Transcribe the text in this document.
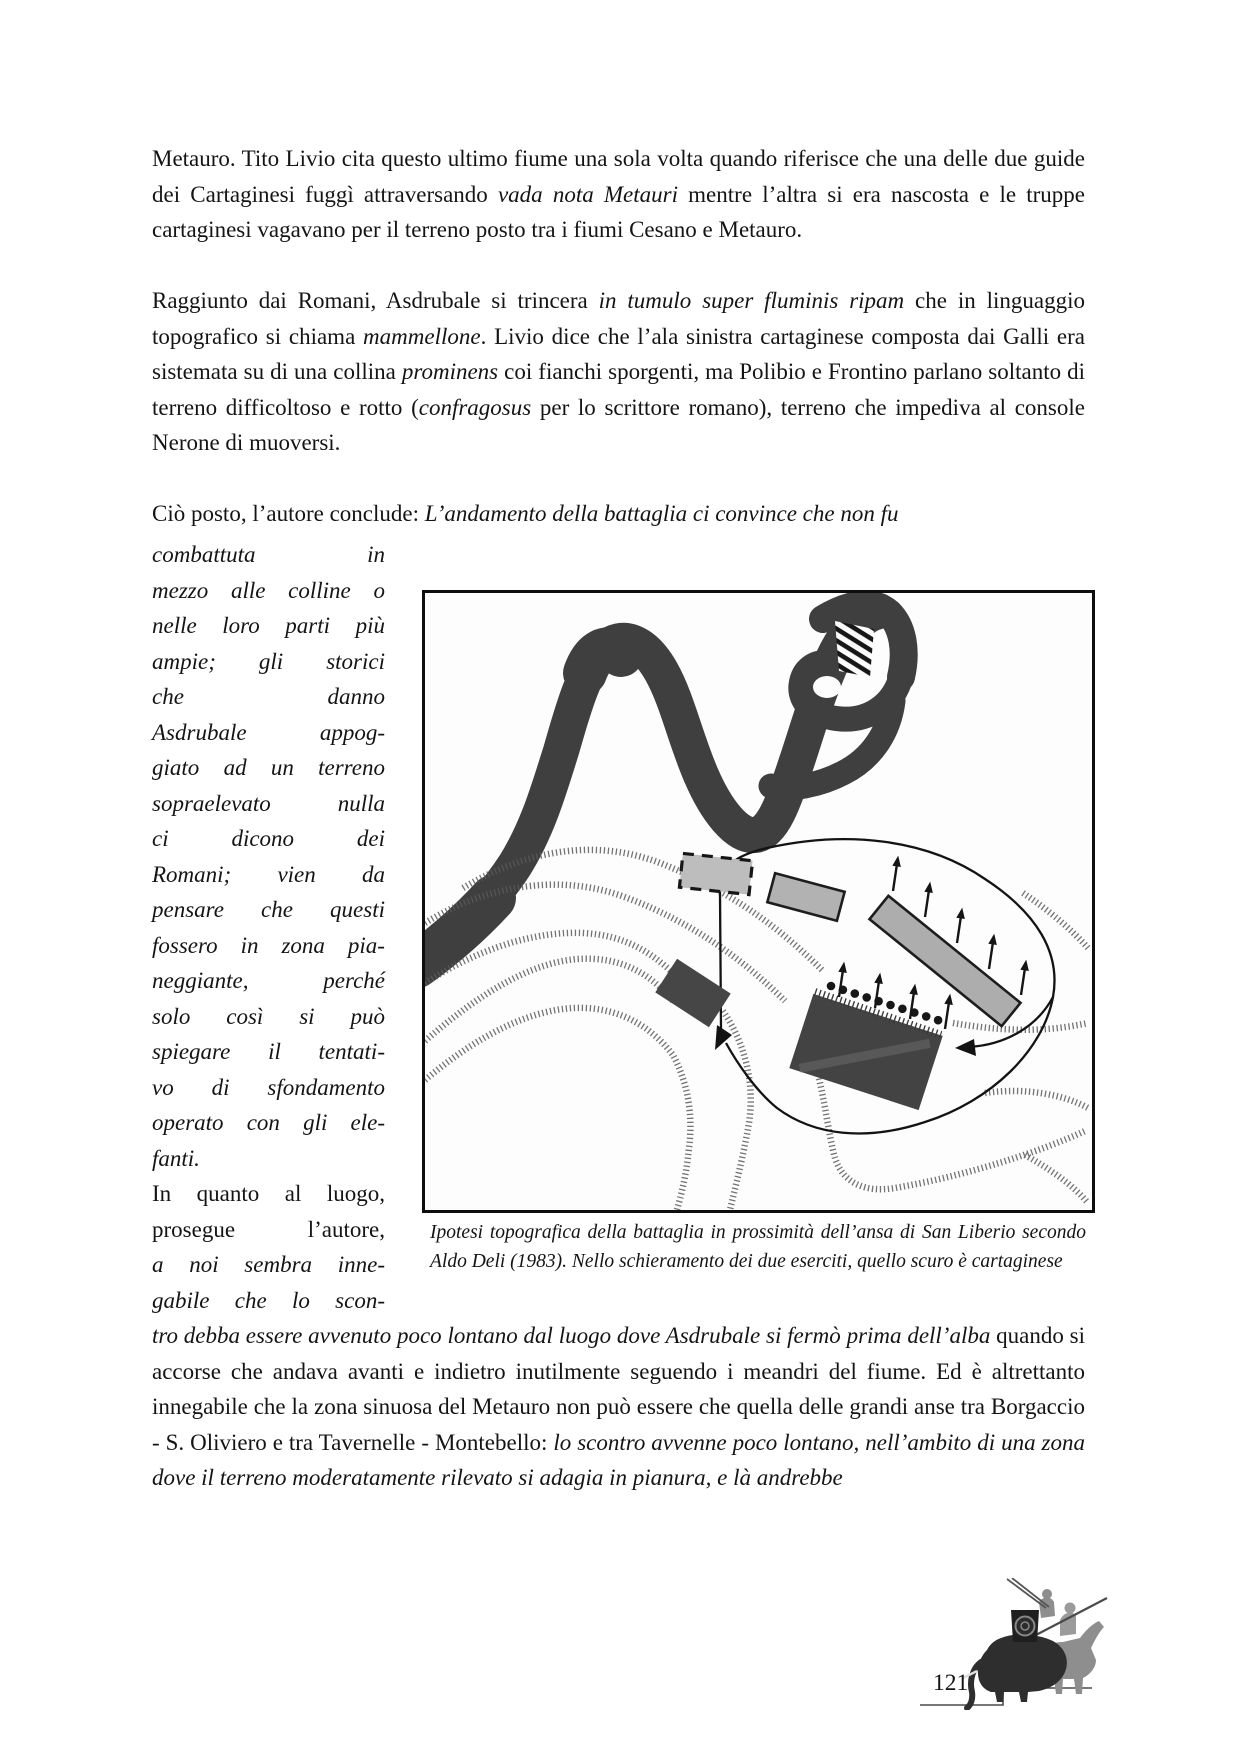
Metauro. Tito Livio cita questo ultimo fiume una sola volta quando riferisce che una delle due guide dei Cartaginesi fuggì attraversando vada nota Metauri mentre l’altra si era nascosta e le truppe cartaginesi vagavano per il terreno posto tra i fiumi Cesano e Metauro.
Raggiunto dai Romani, Asdrubale si trincera in tumulo super fluminis ripam che in linguaggio topografico si chiama mammellone. Livio dice che l’ala sinistra cartaginese composta dai Galli era sistemata su di una collina prominens coi fianchi sporgenti, ma Polibio e Frontino parlano soltanto di terreno difficoltoso e rotto (confragosus per lo scrittore romano), terreno che impediva al console Nerone di muoversi.
Ciò posto, l’autore conclude: L’andamento della battaglia ci convince che non fu
combattuta	in
mezzo alle colline o
nelle loro parti più
ampie; gli storici
che	danno
Asdrubale	appog-
giato ad un terreno
sopraelevato	nulla
ci	dicono	dei
Romani; vien da
pensare che questi
fossero in zona pia-
neggiante,	perché
solo così si può
spiegare il tentati-
vo di sfondamento
operato con gli ele-
fanti.
In quanto al luogo,
prosegue	l’autore,
a noi sembra inne-
gabile che lo scon-
Ipotesi topografica della battaglia in prossimità dell’ansa di San Liberio secondo Aldo Deli (1983). Nello schieramento dei due eserciti, quello scuro è cartaginese
tro debba essere avvenuto poco lontano dal luogo dove Asdrubale si fermò prima dell’alba quando si accorse che andava avanti e indietro inutilmente seguendo i meandri del fiume. Ed è altrettanto innegabile che la zona sinuosa del Metauro non può essere che quella delle grandi anse tra Borgaccio - S. Oliviero e tra Tavernelle - Montebello: lo scontro avvenne poco lontano, nell’ambito di una zona dove il terreno moderatamente rilevato si adagia in pianura, e là andrebbe
121
